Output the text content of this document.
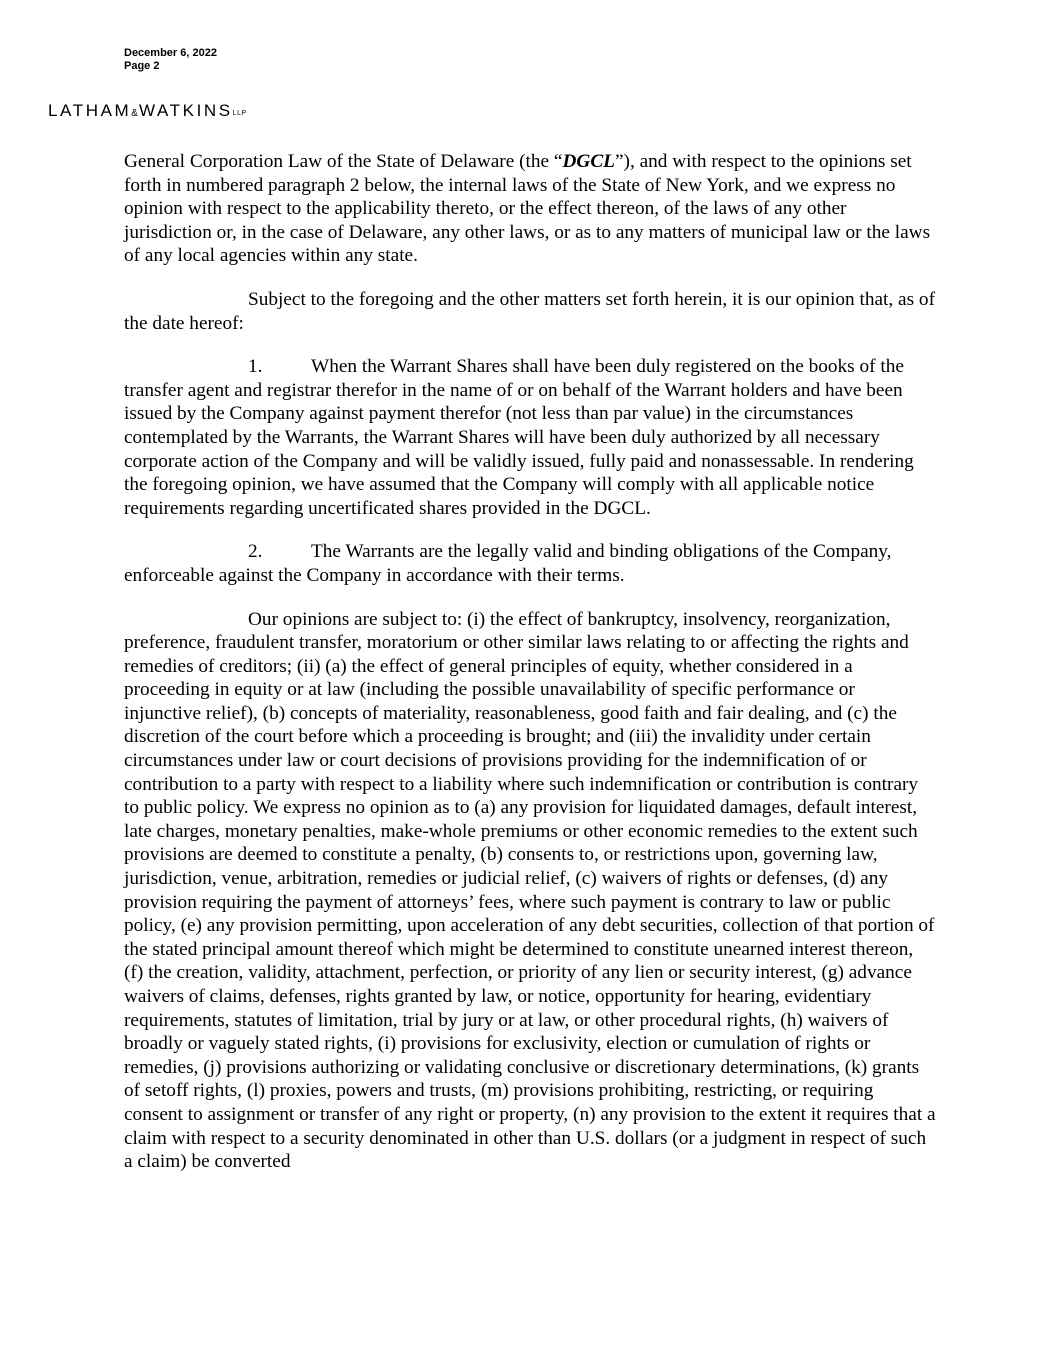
December 6, 2022
Page 2
LATHAM&WATKINSLLP

General Corporation Law of the State of Delaware (the “DGCL”), and with respect to the opinions set forth in numbered paragraph 2 below, the internal laws of the State of New York, and we express no opinion with respect to the applicability thereto, or the effect thereon, of the laws of any other jurisdiction or, in the case of Delaware, any other laws, or as to any matters of municipal law or the laws of any local agencies within any state.

Subject to the foregoing and the other matters set forth herein, it is our opinion that, as of the date hereof:

1.	When the Warrant Shares shall have been duly registered on the books of the transfer agent and registrar therefor in the name of or on behalf of the Warrant holders and have been issued by the Company against payment therefor (not less than par value) in the circumstances contemplated by the Warrants, the Warrant Shares will have been duly authorized by all necessary corporate action of the Company and will be validly issued, fully paid and nonassessable. In rendering the foregoing opinion, we have assumed that the Company will comply with all applicable notice requirements regarding uncertificated shares provided in the DGCL.

2.	The Warrants are the legally valid and binding obligations of the Company, enforceable against the Company in accordance with their terms.

Our opinions are subject to: (i) the effect of bankruptcy, insolvency, reorganization, preference, fraudulent transfer, moratorium or other similar laws relating to or affecting the rights and remedies of creditors; (ii) (a) the effect of general principles of equity, whether considered in a proceeding in equity or at law (including the possible unavailability of specific performance or injunctive relief), (b) concepts of materiality, reasonableness, good faith and fair dealing, and (c) the discretion of the court before which a proceeding is brought; and (iii) the invalidity under certain circumstances under law or court decisions of provisions providing for the indemnification of or contribution to a party with respect to a liability where such indemnification or contribution is contrary to public policy. We express no opinion as to (a) any provision for liquidated damages, default interest, late charges, monetary penalties, make-whole premiums or other economic remedies to the extent such provisions are deemed to constitute a penalty, (b) consents to, or restrictions upon, governing law, jurisdiction, venue, arbitration, remedies or judicial relief, (c) waivers of rights or defenses, (d) any provision requiring the payment of attorneys’ fees, where such payment is contrary to law or public policy, (e) any provision permitting, upon acceleration of any debt securities, collection of that portion of the stated principal amount thereof which might be determined to constitute unearned interest thereon, (f) the creation, validity, attachment, perfection, or priority of any lien or security interest, (g) advance waivers of claims, defenses, rights granted by law, or notice, opportunity for hearing, evidentiary requirements, statutes of limitation, trial by jury or at law, or other procedural rights, (h) waivers of broadly or vaguely stated rights, (i) provisions for exclusivity, election or cumulation of rights or remedies, (j) provisions authorizing or validating conclusive or discretionary determinations, (k) grants of setoff rights, (l) proxies, powers and trusts, (m) provisions prohibiting, restricting, or requiring consent to assignment or transfer of any right or property, (n) any provision to the extent it requires that a claim with respect to a security denominated in other than U.S. dollars (or a judgment in respect of such a claim) be converted
